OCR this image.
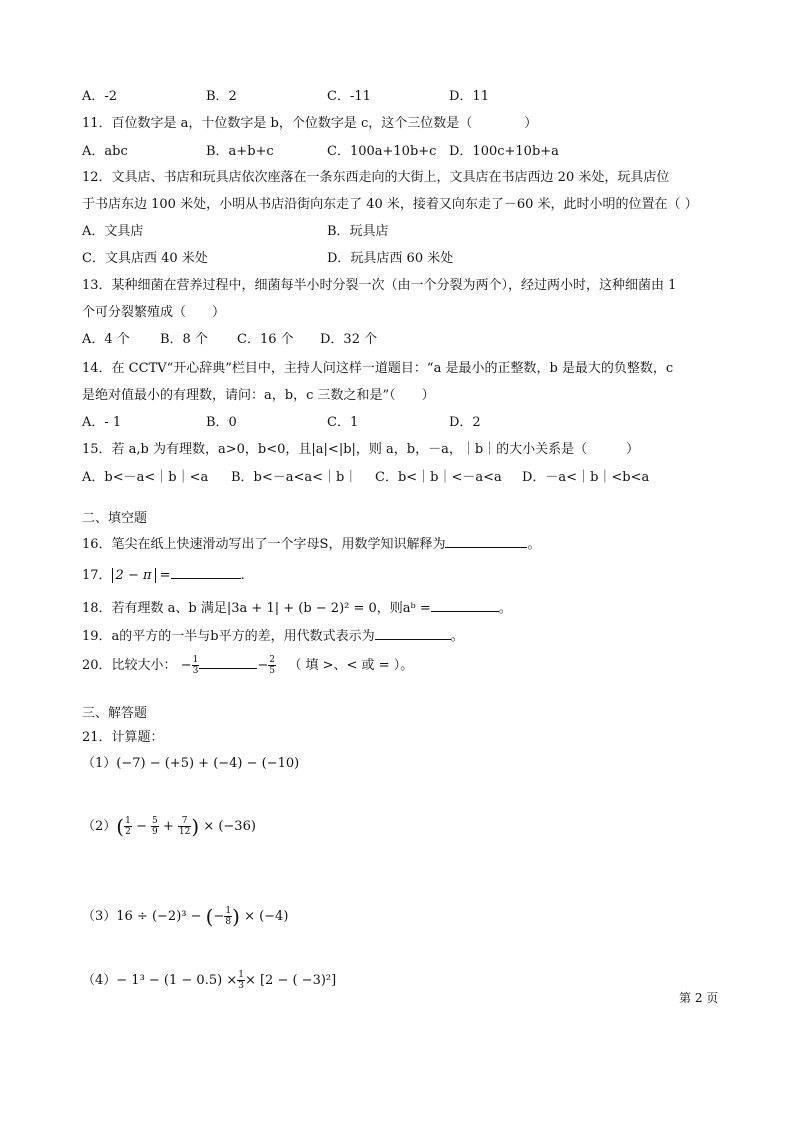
A．-2	B．2	C．-11	D．11
11．百位数字是 a，十位数字是 b，个位数字是 c，这个三位数是（　　　　）
A．abc	B．a+b+c	C．100a+10b+c D．100c+10b+a
12．文具店、书店和玩具店依次座落在一条东西走向的大街上，文具店在书店西边 20 米处，玩具店位
于书店东边 100 米处，小明从书店沿街向东走了 40 米，接着又向东走了－60 米，此时小明的位置在（ ）
A．文具店	B．玩具店
C．文具店西 40 米处	D．玩具店西 60 米处
13．某种细菌在营养过程中，细菌每半小时分裂一次（由一个分裂为两个），经过两小时，这种细菌由 1
个可分裂繁殖成（　　）
A．4 个 B．8 个 C．16 个 D．32 个
14．在 CCTV“开心辞典”栏目中，主持人问这样一道题目：“a 是最小的正整数，b 是最大的负整数，c
是绝对值最小的有理数，请问：a，b，c 三数之和是”（　　）
A．- 1	B．0	C．1	D．2
15．若 a,b 为有理数，a>0，b<0，且|a|<|b|，则 a，b，－a，｜b｜的大小关系是（　　　）
A．b<－a<｜b｜<a B．b<－a<a<｜b｜ C．b<｜b｜<－a<a D．－a<｜b｜<b<a
二、填空题
16．笔尖在纸上快速滑动写出了一个字母S，用数学知识解释为	。
17． 2 − π =	.
18．若有理数 a、b 满足|3a + 1| + (b − 2)² = 0，则aᵇ =	。
19．a的平方的一半与b平方的差，用代数式表示为	。
20．比较大小： − $\frac{1}{3}$	− $\frac{2}{5}$ （ 填 >、< 或 = ）。
三、解答题
21．计算题：
（1）(−7) − (+5) + (−4) − (−10)
$(2)( \frac{1}{2} - \frac{5}{9} + \frac{7}{12}$ ) × (−36)
（3）16 ÷ (−2)³ − (− $\frac{1}{8}$ ) × (−4)
$(4)- 1^3 - (1 - 0.5) \times \frac{1}{3} \times [2$ − ( −3)²]
第 2 页
